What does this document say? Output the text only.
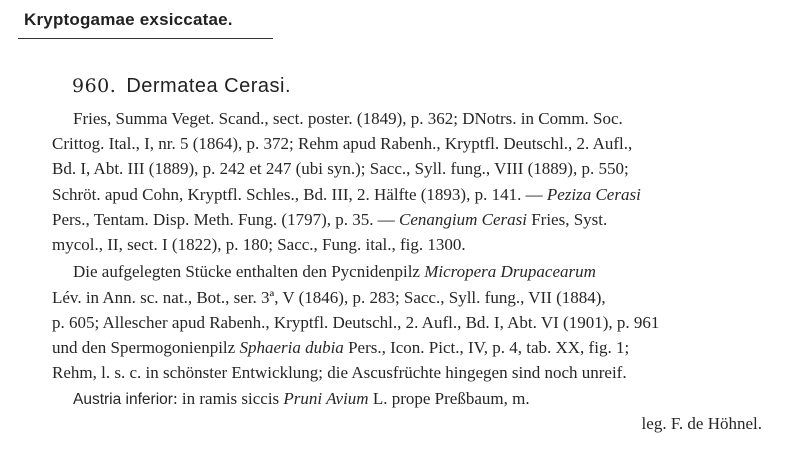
Kryptogamae exsiccatae.
960. Dermatea Cerasi.
Fries, Summa Veget. Scand., sect. poster. (1849), p. 362; DNotrs. in Comm. Soc.
Crittog. Ital., I, nr. 5 (1864), p. 372; Rehm apud Rabenh., Kryptfl. Deutschl., 2. Aufl.,
Bd. I, Abt. III (1889), p. 242 et 247 (ubi syn.); Sacc., Syll. fung., VIII (1889), p. 550;
Schröt. apud Cohn, Kryptfl. Schles., Bd. III, 2. Hälfte (1893), p. 141. — Peziza Cerasi
Pers., Tentam. Disp. Meth. Fung. (1797), p. 35. — Cenangium Cerasi Fries, Syst.
mycol., II, sect. I (1822), p. 180; Sacc., Fung. ital., fig. 1300.
Die aufgelegten Stücke enthalten den Pycnidenpilz Micropera Drupacearum
Lév. in Ann. sc. nat., Bot., ser. 3ª, V (1846), p. 283; Sacc., Syll. fung., VII (1884),
p. 605; Allescher apud Rabenh., Kryptfl. Deutschl., 2. Aufl., Bd. I, Abt. VI (1901), p. 961
und den Spermogonienpilz Sphaeria dubia Pers., Icon. Pict., IV, p. 4, tab. XX, fig. 1;
Rehm, l. s. c. in schönster Entwicklung; die Ascusfrüchte hingegen sind noch unreif.
Austria inferior: in ramis siccis Pruni Avium L. prope Preßbaum, m.
leg. F. de Höhnel.
